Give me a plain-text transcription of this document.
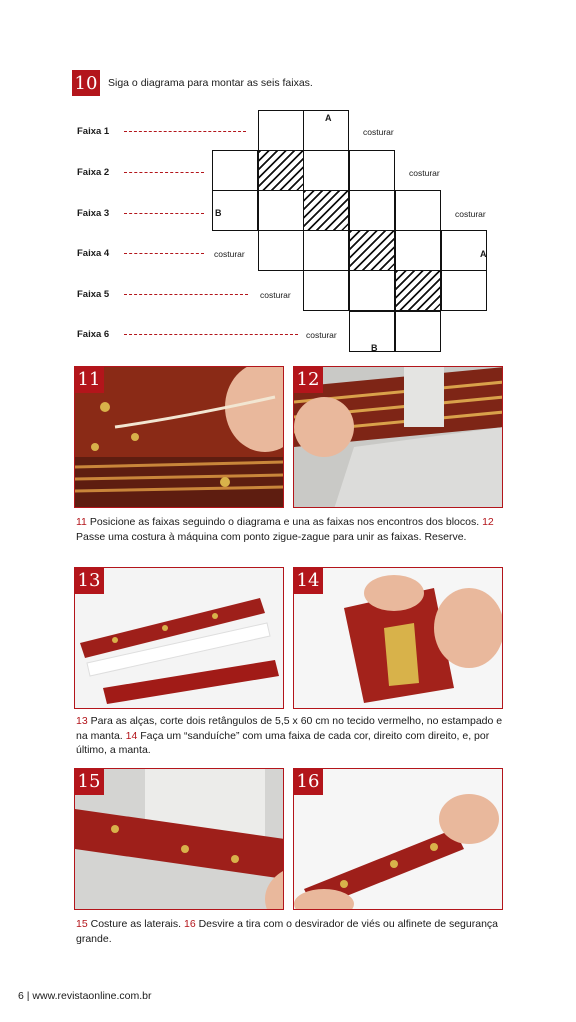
10 Siga o diagrama para montar as seis faixas.
Faixa 1
A
costurar
Faixa 2	costurar
Faixa 3	B	costurar
Faixa 4	costurar	A
Faixa 5	costurar
Faixa 6	costurar
B
11	12
11 Posicione as faixas seguindo o diagrama e una as faixas nos encontros dos blocos. 12 Passe uma costura à máquina com ponto zigue-zague para unir as faixas. Reserve.
13	14
13 Para as alças, corte dois retângulos de 5,5 x 60 cm no tecido vermelho, no estampado e na manta. 14 Faça um “sanduíche” com uma faixa de cada cor, direito com direito, e, por último, a manta.
15	16
15 Costure as laterais. 16 Desvire a tira com o desvirador de viés ou alfinete de segurança grande.
6 | www.revistaonline.com.br
